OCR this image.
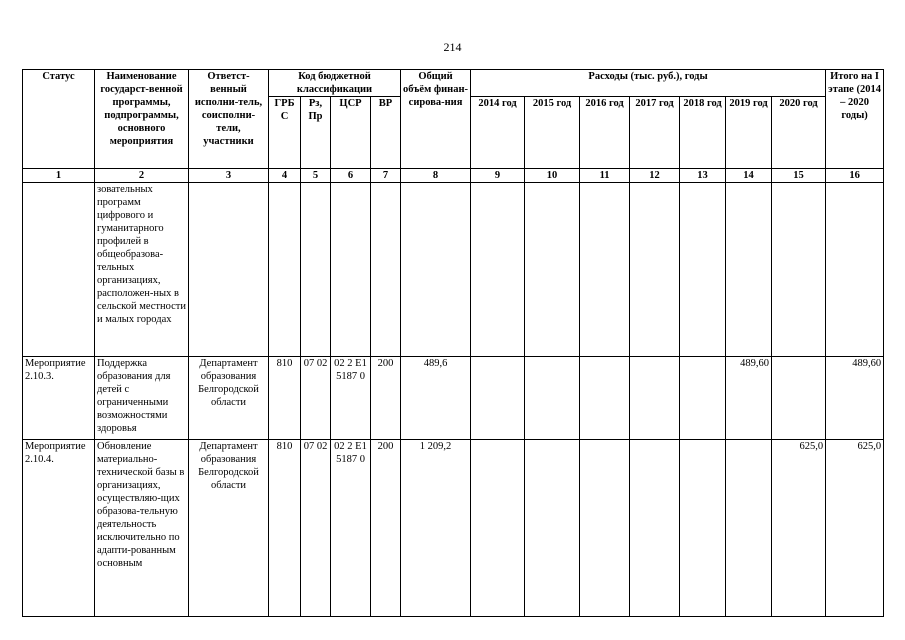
214
Статус	Наименование государст-венной программы, подпрограммы, основного мероприятия	Ответст-венный исполни-тель, соисполни-тели, участники	Код бюджетной классификации				Общий объём финан-сирова-ния	Расходы (тыс. руб.), годы							Итого на I этапе (2014 – 2020 годы)
			ГРБ С	Рз, Пр	ЦСР	ВР		2014 год	2015 год	2016 год	2017 год	2018 год	2019 год	2020 год	
1	2	3	4	5	6	7	8	9	10	11	12	13	14	15	16
	зовательных программ цифрового и гуманитарного профилей в общеобразова-тельных организациях, расположен-ных в сельской местности и малых городах														
Мероприятие 2.10.3.	Поддержка образования для детей с ограниченными возможностями здоровья	Департамент образования Белгородской области	810	07 02	02 2 E1 5187 0	200	489,6						489,60		489,60
Мероприятие 2.10.4.	Обновление материально-технической базы в организациях, осуществляю-щих образова-тельную деятельность исключительно по адапти-рованным основным	Департамент образования Белгородской области	810	07 02	02 2 E1 5187 0	200	1 209,2							625,0	625,0
